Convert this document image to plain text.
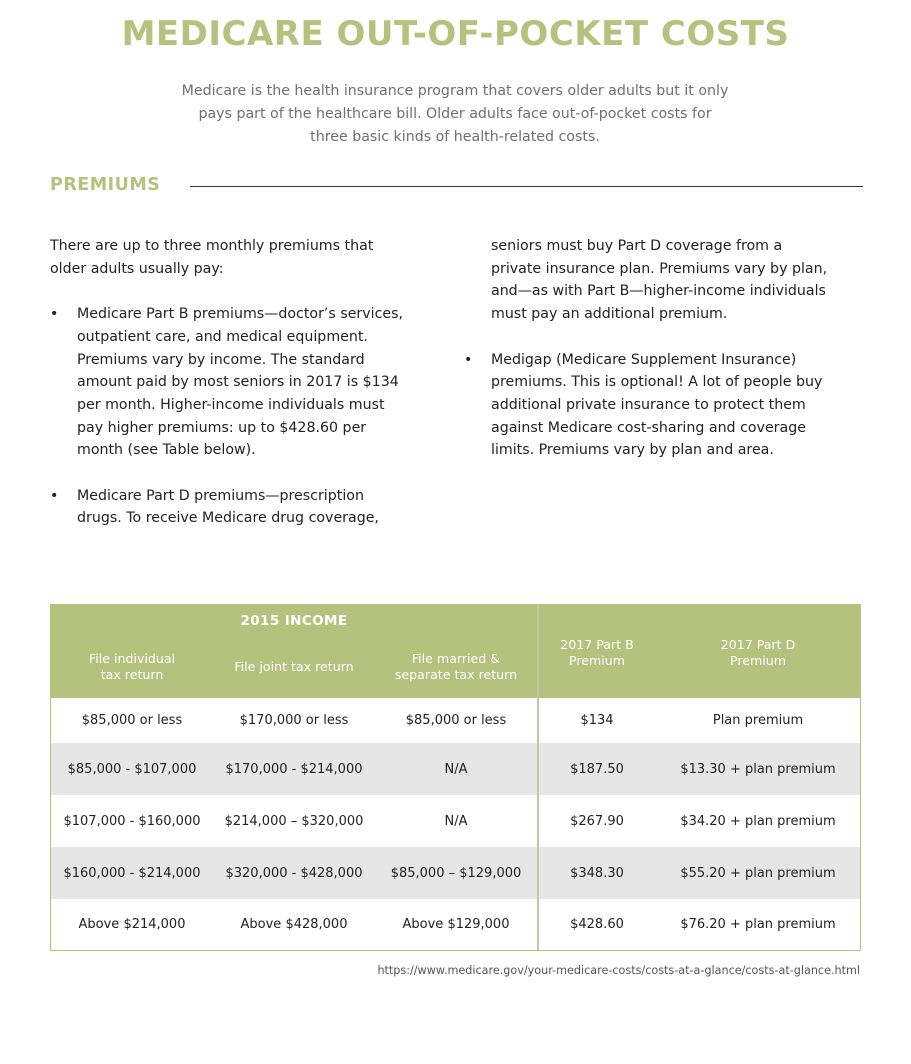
MEDICARE OUT-OF-POCKET COSTS
Medicare is the health insurance program that covers older adults but it only
pays part of the healthcare bill. Older adults face out-of-pocket costs for
three basic kinds of health-related costs.
PREMIUMS
There are up to three monthly premiums that
older adults usually pay:
• Medicare Part B premiums—doctor’s services,
outpatient care, and medical equipment.
Premiums vary by income. The standard
amount paid by most seniors in 2017 is $134
per month. Higher-income individuals must
pay higher premiums: up to $428.60 per
month (see Table below).
• Medicare Part D premiums—prescription
drugs. To receive Medicare drug coverage,
seniors must buy Part D coverage from a
private insurance plan. Premiums vary by plan,
and—as with Part B—higher-income individuals
must pay an additional premium.
• Medigap (Medicare Supplement Insurance)
premiums. This is optional! A lot of people buy
additional private insurance to protect them
against Medicare cost-sharing and coverage
limits. Premiums vary by plan and area.
2015 INCOME
File individual
tax return
File joint tax return
File married &
separate tax return
2017 Part B
Premium
2017 Part D
Premium
$85,000 or less	$170,000 or less	$85,000 or less	$134	Plan premium
$85,000 - $107,000	$170,000 - $214,000	N/A	$187.50	$13.30 + plan premium
$107,000 - $160,000	$214,000 – $320,000	N/A	$267.90	$34.20 + plan premium
$160,000 - $214,000	$320,000 - $428,000	$85,000 – $129,000	$348.30	$55.20 + plan premium
Above $214,000	Above $428,000	Above $129,000	$428.60	$76.20 + plan premium
https://www.medicare.gov/your-medicare-costs/costs-at-a-glance/costs-at-glance.html
